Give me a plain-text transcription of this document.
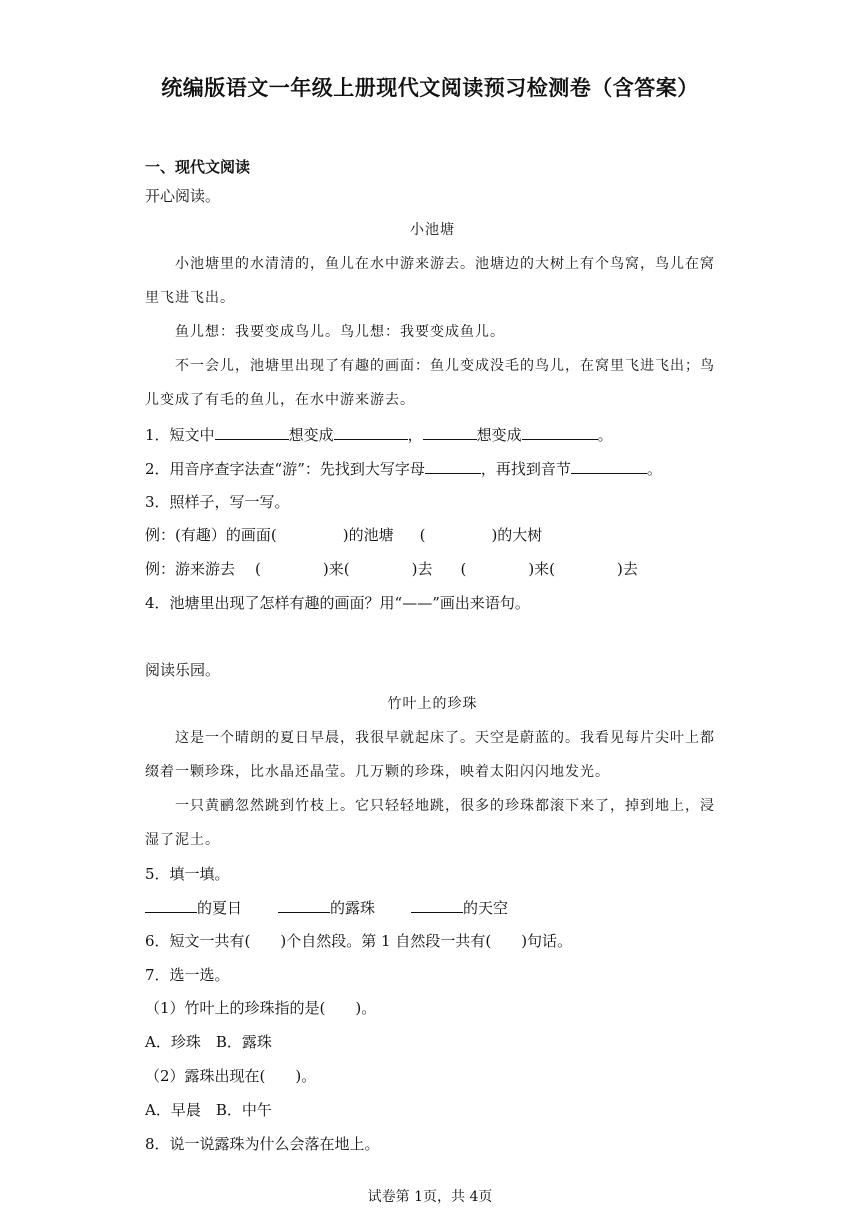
统编版语文一年级上册现代文阅读预习检测卷（含答案）
一、现代文阅读
开心阅读。
小池塘
小池塘里的水清清的，鱼儿在水中游来游去。池塘边的大树上有个鸟窝，鸟儿在窝
里飞进飞出。
鱼儿想：我要变成鸟儿。鸟儿想：我要变成鱼儿。
不一会儿，池塘里出现了有趣的画面：鱼儿变成没毛的鸟儿，在窝里飞进飞出；鸟
儿变成了有毛的鱼儿，在水中游来游去。
1．短文中	想变成	，	想变成	。
2．用音序查字法查“游”：先找到大写字母	，再找到音节	。
3．照样子，写一写。
例：(有趣）的画面(	)的池塘 (	)的大树
例：游来游去 (	)来(	)去 (	)来(	)去
4．池塘里出现了怎样有趣的画面？用“——”画出来语句。
阅读乐园。
竹叶上的珍珠
这是一个晴朗的夏日早晨，我很早就起床了。天空是蔚蓝的。我看见每片尖叶上都
缀着一颗珍珠，比水晶还晶莹。几万颗的珍珠，映着太阳闪闪地发光。
一只黄鹂忽然跳到竹枝上。它只轻轻地跳，很多的珍珠都滚下来了，掉到地上，浸
湿了泥土。
5．填一填。
的夏日	的露珠	的天空
6．短文一共有( )个自然段。第 1 自然段一共有( )句话。
7．选一选。
（1）竹叶上的珍珠指的是( )。
A．珍珠　B．露珠
（2）露珠出现在( )。
A．早晨　B．中午
8．说一说露珠为什么会落在地上。
试卷第 1页，共 4页
